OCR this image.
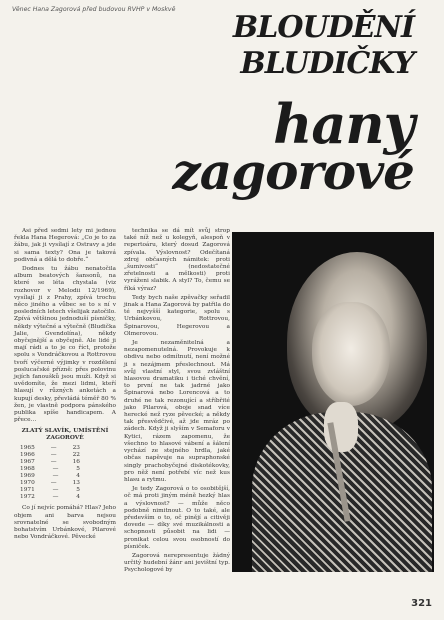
Věnec Hana Zagorová před budovou RVHP v Moskvě
BLOUDĚNÍ
BLUDIČKY
hany
zagorové

Asi před sedmi lety mi jednou řekla Hana Hegerová: „Co je to za žábu, jak ji vysílají z Ostravy a jde si sama texty? Ona je taková podivná a dělá to dobře.“

Dodnes tu žábu nenatočila album beatových šansonů, na které se léta chystala (viz rozhovor v Melodii 12/1969), vysílají ji z Prahy, zpívá trochu něco jiného a vůbec se to s ní v posledních letech všelijak zatočilo. Zpívá většinou jednoduší písničky, někdy výtečné a výtečně (Bludička Jalie, Gvendolína), někdy obyčejnější a obyčejně. Ale lidé ji mají rádi a to je co říct, protože spolu s Vondráčkovou a Rottrovou tvoří výčerné výjimky v rozdělení poslucačské přízně: přes polovinu jejích fanoušků jsou muži. Když si uvědomíte, že mezi lidmi, kteří hlasují v různých anketách a kupují desky, převládá téměř 80 % žen, je vlastně podpora pánského publika spíše handicapem. A přece…

ZLATÝ SLAVÍK, UMÍSTĚNÍ ZAGOROVÉ
1965	—	23
1966	—	22
1967	—	16
1968	—	5
1969	—	4
1970	—	13
1971	—	5
1972	—	4

Co jí nejvíc pomáhá? Hlas? Jeho objem ani barva nejsou srovnatelné se svobodným bohatstvím Urbánkové, Pilarové nebo Vondráčkové. Pěvecké

technika se dá mít svůj strop také níž než u kolegyň, alespoň v repertoáru, který dosud Zagorová zpívala. Výslovnost? Odečítaná zdroj občasných námitek: proti „šumivosti“ (nedostatečné zřetelnosti a mělkosti) proti vyráženi slabik. A styl? To, čemu se říká výraz?

Tedy bych naše zpěvačky seřadil jinak a Hana Zagorová by patřila do té nejvyšší kategorie, spolu s Urbánkovou, Rottrovou, Špinarovou, Hegerovou a Olmerovou.

Je nezaměnitelná a nezapomenutelná. Provokuje k obdivu nebo odmítnutí, není možné ji s nezájmem přeslechnout. Má svůj vlastní styl, svou zvláštní hlasovou dramatiku i tiché chvění, to první ne tak jadrné jako Špinarová nebo Lorencová a to druhé ne tak rezonující a stříbřité jako Pilarová, oboje snad více herecké než ryze pěvecké; a někdy tak přesvědčivé, až jde mráz po zádech. Když ji slyším v Semaforu v Kytici, rázem zapomenu, že všechno to hlasové vábení a šálení vychází ze stejného hrdla, jaké občas napěvuje na supraphonské singly prachobyčejné diskotékovky, pro něž není potřebí víc než kus hlasu a rytmu.

Je tedy Zagorová o to osobitější, oč má proti jiným méně hezký hlas a výslovnost? — může něco podobně nimitnout. O to také, ale především o to, oč pinějí a citivěji dovede — díky své muzikálnosti a schopnosti působit na lidi — pronikat celou svou osobností do písniček.

Zagorová nerepresentuje žádný určitý hudební žánr ani jevištní typ. Psychologové by

321
